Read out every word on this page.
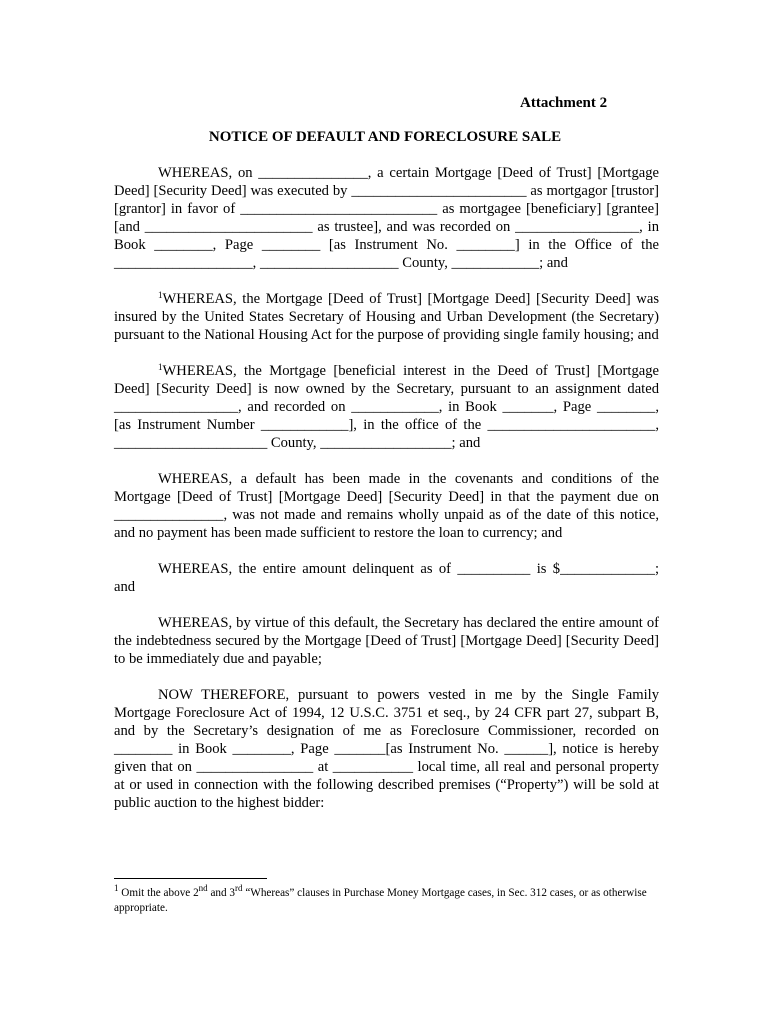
Attachment 2
NOTICE OF DEFAULT AND FORECLOSURE SALE

WHEREAS, on _______________, a certain Mortgage [Deed of Trust] [Mortgage Deed] [Security Deed] was executed by ________________________ as mortgagor [trustor] [grantor] in favor of ___________________________ as mortgagee [beneficiary] [grantee] [and _______________________ as trustee], and was recorded on _________________, in Book ________, Page ________ [as Instrument No. ________] in the Office of the ___________________, ___________________ County, ____________; and

$^1$WHEREAS, the Mortgage [Deed of Trust] [Mortgage Deed] [Security Deed] was insured by the United States Secretary of Housing and Urban Development (the Secretary) pursuant to the National Housing Act for the purpose of providing single family housing; and

$^1$WHEREAS, the Mortgage [beneficial interest in the Deed of Trust] [Mortgage Deed] [Security Deed] is now owned by the Secretary, pursuant to an assignment dated _________________, and recorded on ____________, in Book _______, Page ________, [as Instrument Number ____________], in the office of the _______________________, _____________________ County, __________________; and

WHEREAS, a default has been made in the covenants and conditions of the Mortgage [Deed of Trust] [Mortgage Deed] [Security Deed] in that the payment due on _______________, was not made and remains wholly unpaid as of the date of this notice, and no payment has been made sufficient to restore the loan to currency; and

WHEREAS, the entire amount delinquent as of __________ is $_____________; and

WHEREAS, by virtue of this default, the Secretary has declared the entire amount of the indebtedness secured by the Mortgage [Deed of Trust] [Mortgage Deed] [Security Deed] to be immediately due and payable;

NOW THEREFORE, pursuant to powers vested in me by the Single Family Mortgage Foreclosure Act of 1994, 12 U.S.C. 3751 et seq., by 24 CFR part 27, subpart B, and by the Secretary’s designation of me as Foreclosure Commissioner, recorded on ________ in Book ________, Page _______[as Instrument No. ______], notice is hereby given that on ________________ at ___________ local time, all real and personal property at or used in connection with the following described premises (“Property”) will be sold at public auction to the highest bidder:

$^1$ Omit the above 2nd and 3rd “Whereas” clauses in Purchase Money Mortgage cases, in Sec. 312 cases, or as otherwise appropriate.
